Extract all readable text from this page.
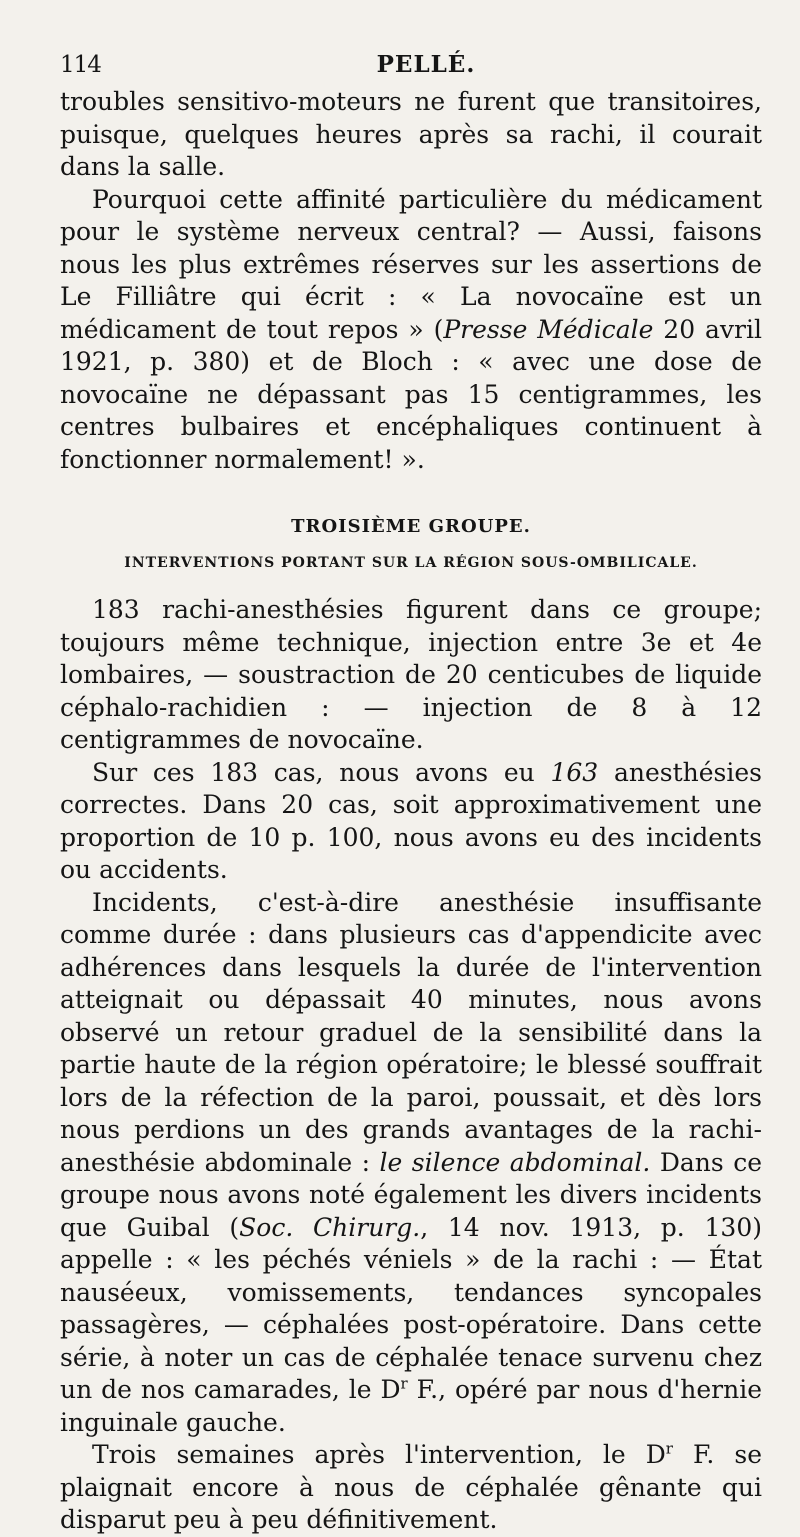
114	PELLÉ.

troubles sensitivo-moteurs ne furent que transitoires, puisque, quelques heures après sa rachi, il courait dans la salle.

Pourquoi cette affinité particulière du médicament pour le système nerveux central? — Aussi, faisons nous les plus extrêmes réserves sur les assertions de Le Filliâtre qui écrit : « La novocaïne est un médicament de tout repos » (Presse Médicale 20 avril 1921, p. 380) et de Bloch : « avec une dose de novocaïne ne dépassant pas 15 centigrammes, les centres bulbaires et encéphaliques continuent à fonctionner normalement! ».

TROISIÈME GROUPE.
INTERVENTIONS PORTANT SUR LA RÉGION SOUS-OMBILICALE.

183 rachi-anesthésies figurent dans ce groupe; toujours même technique, injection entre 3e et 4e lombaires, — soustraction de 20 centicubes de liquide céphalo-rachidien : — injection de 8 à 12 centigrammes de novocaïne.

Sur ces 183 cas, nous avons eu 163 anesthésies correctes. Dans 20 cas, soit approximativement une proportion de 10 p. 100, nous avons eu des incidents ou accidents.

Incidents, c'est-à-dire anesthésie insuffisante comme durée : dans plusieurs cas d'appendicite avec adhérences dans lesquels la durée de l'intervention atteignait ou dépassait 40 minutes, nous avons observé un retour graduel de la sensibilité dans la partie haute de la région opératoire; le blessé souffrait lors de la réfection de la paroi, poussait, et dès lors nous perdions un des grands avantages de la rachi-anesthésie abdominale : le silence abdominal. Dans ce groupe nous avons noté également les divers incidents que Guibal (Soc. Chirurg., 14 nov. 1913, p. 130) appelle : « les péchés véniels » de la rachi : — État nauséeux, vomissements, tendances syncopales passagères, — céphalées post-opératoire. Dans cette série, à noter un cas de céphalée tenace survenu chez un de nos camarades, le $D^r$ F., opéré par nous d'hernie inguinale gauche.

Trois semaines après l'intervention, le $D^r$ F. se plaignait encore à nous de céphalée gênante qui disparut peu à peu définitivement.
